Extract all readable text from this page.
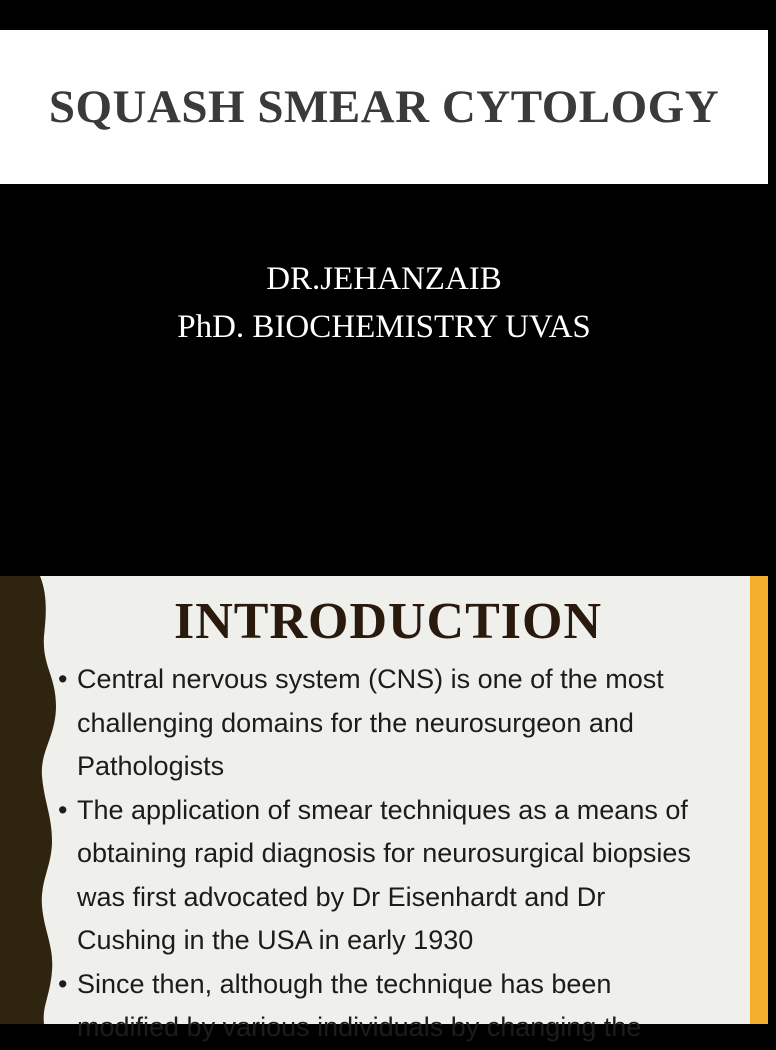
SQUASH SMEAR CYTOLOGY
DR.JEHANZAIB
PhD. BIOCHEMISTRY UVAS
INTRODUCTION
• Central nervous system (CNS) is one of the most
challenging domains for the neurosurgeon and
Pathologists
• The application of smear techniques as a means of
obtaining rapid diagnosis for neurosurgical biopsies
was first advocated by Dr Eisenhardt and Dr
Cushing in the USA in early 1930
• Since then, although the technique has been
modified by various individuals by changing the
